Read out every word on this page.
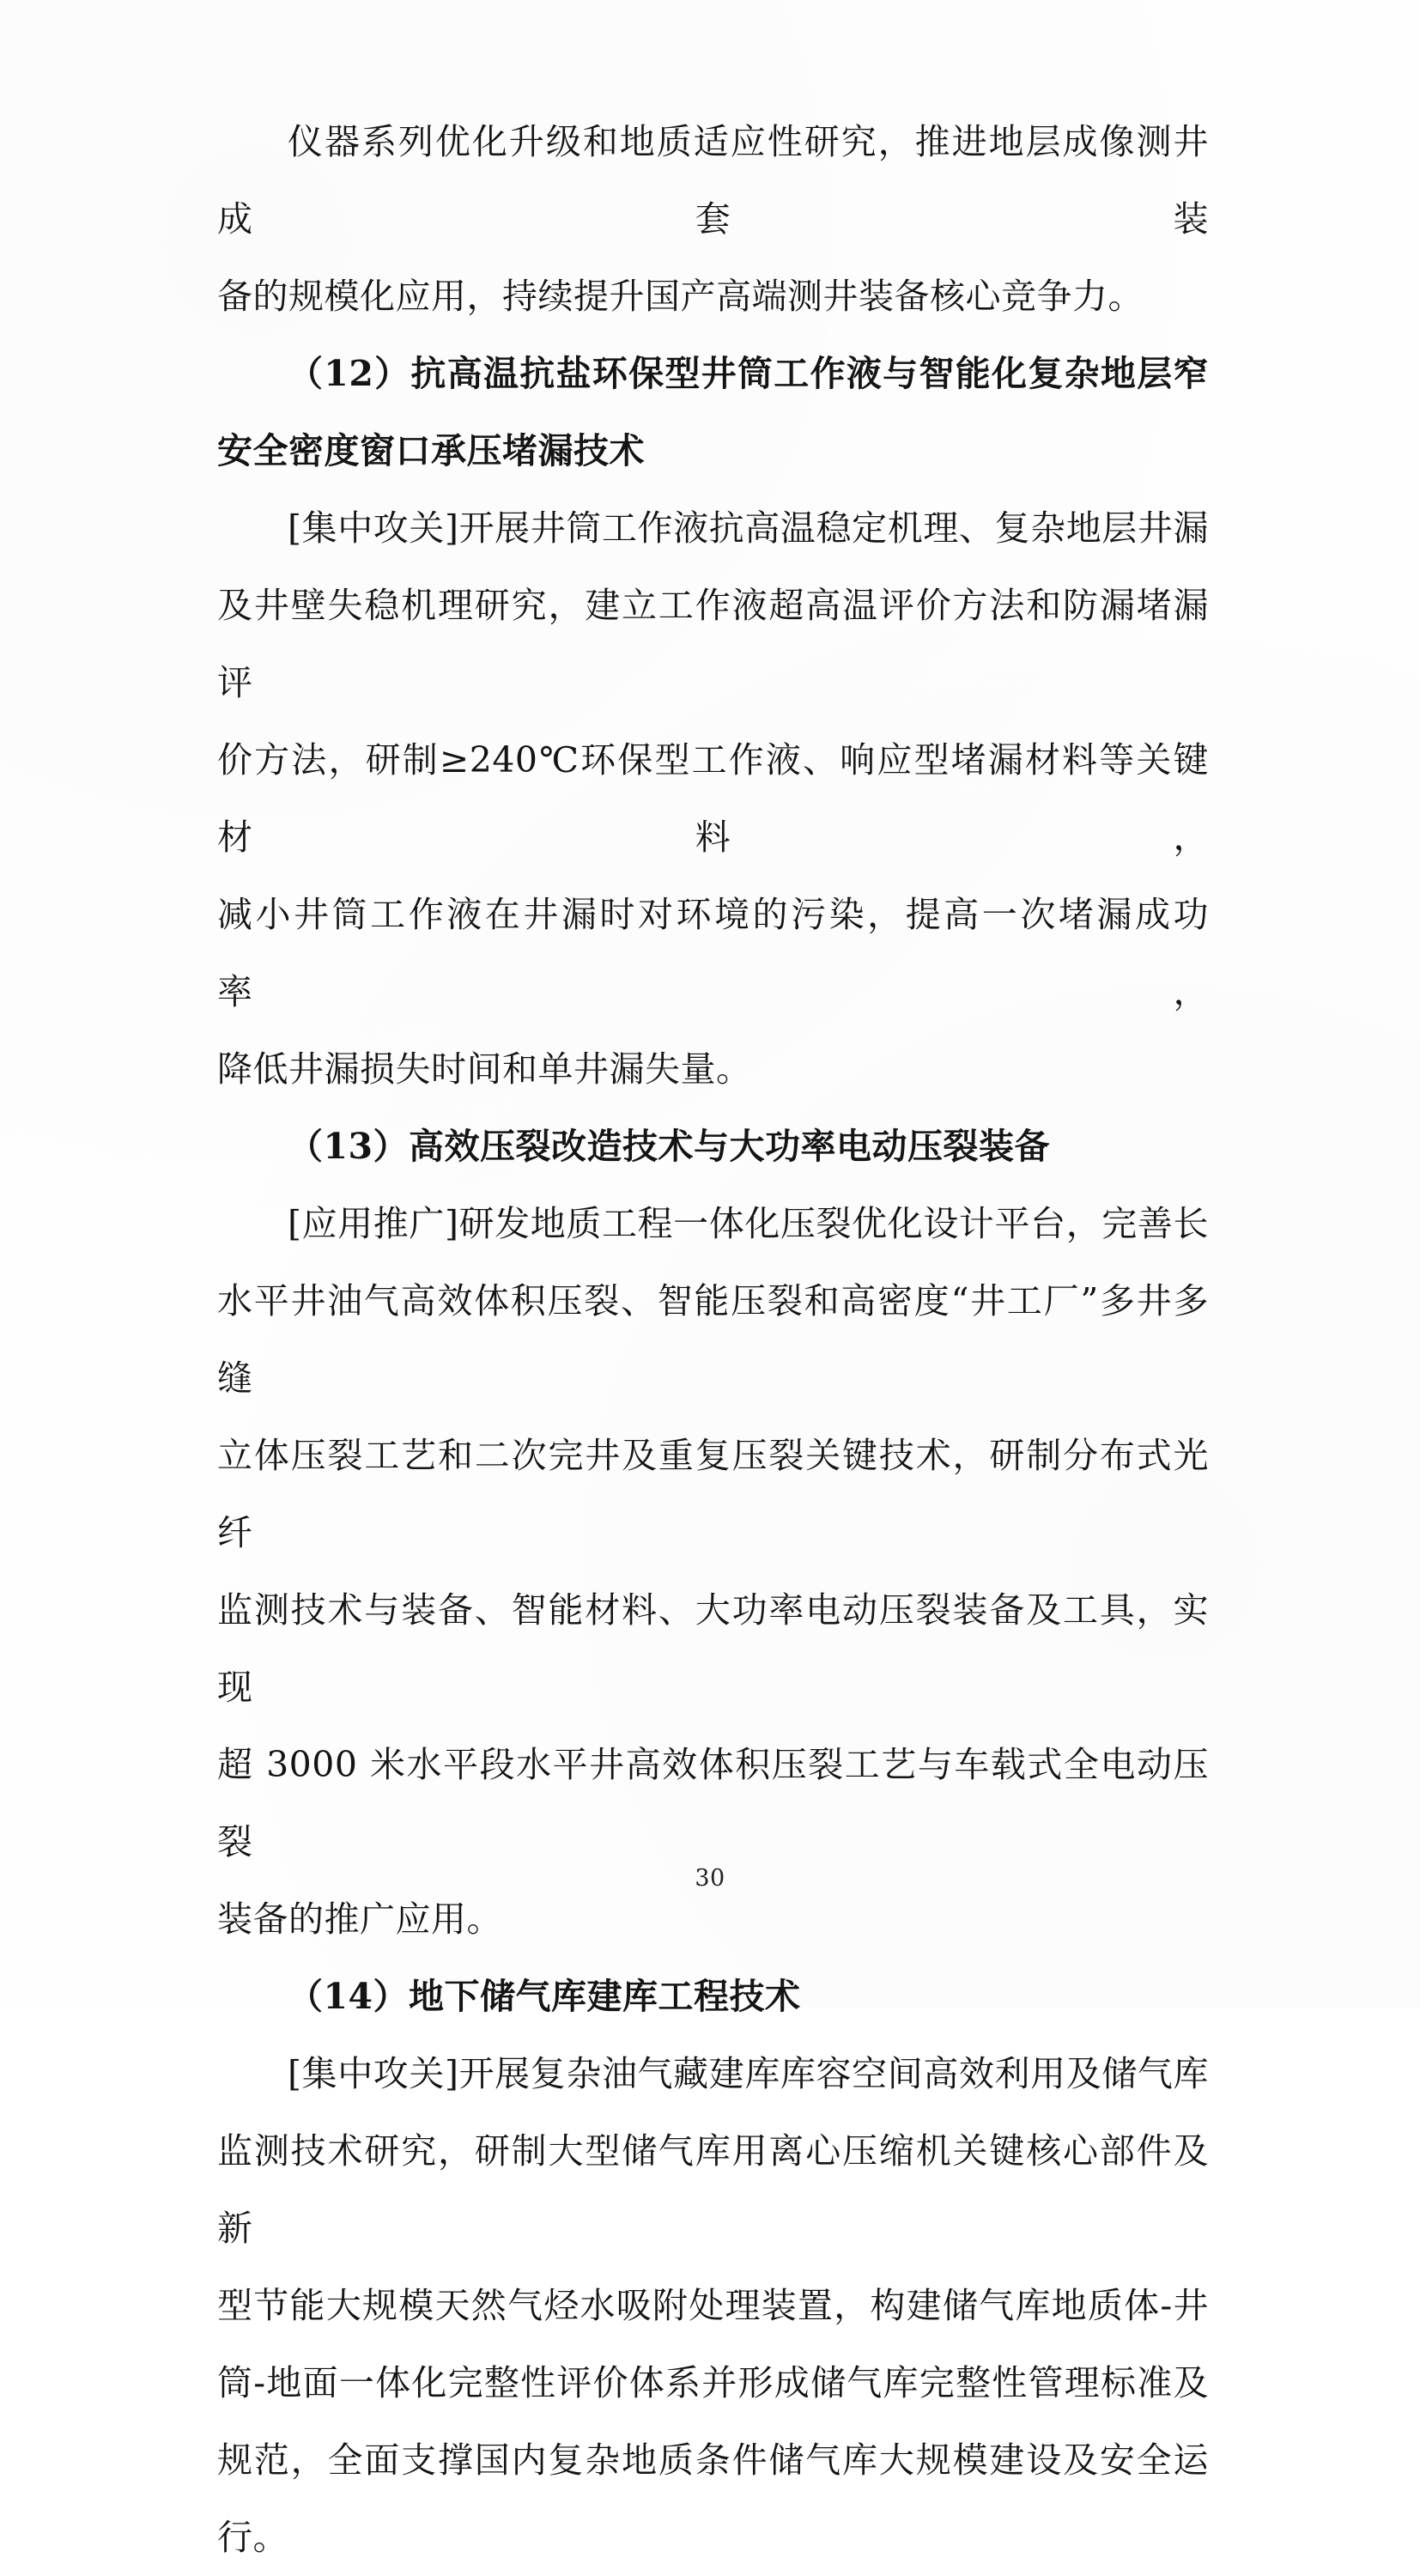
仪器系列优化升级和地质适应性研究，推进地层成像测井成套装
备的规模化应用，持续提升国产高端测井装备核心竞争力。
（12）抗高温抗盐环保型井筒工作液与智能化复杂地层窄
安全密度窗口承压堵漏技术
[集中攻关]开展井筒工作液抗高温稳定机理、复杂地层井漏
及井壁失稳机理研究，建立工作液超高温评价方法和防漏堵漏评
价方法，研制≥240℃环保型工作液、响应型堵漏材料等关键材料，
减小井筒工作液在井漏时对环境的污染，提高一次堵漏成功率，
降低井漏损失时间和单井漏失量。
（13）高效压裂改造技术与大功率电动压裂装备
[应用推广]研发地质工程一体化压裂优化设计平台，完善长
水平井油气高效体积压裂、智能压裂和高密度“井工厂”多井多缝
立体压裂工艺和二次完井及重复压裂关键技术，研制分布式光纤
监测技术与装备、智能材料、大功率电动压裂装备及工具，实现
超 3000 米水平段水平井高效体积压裂工艺与车载式全电动压裂
装备的推广应用。
（14）地下储气库建库工程技术
[集中攻关]开展复杂油气藏建库库容空间高效利用及储气库
监测技术研究，研制大型储气库用离心压缩机关键核心部件及新
型节能大规模天然气烃水吸附处理装置，构建储气库地质体-井
筒-地面一体化完整性评价体系并形成储气库完整性管理标准及
规范，全面支撑国内复杂地质条件储气库大规模建设及安全运
行。
30
